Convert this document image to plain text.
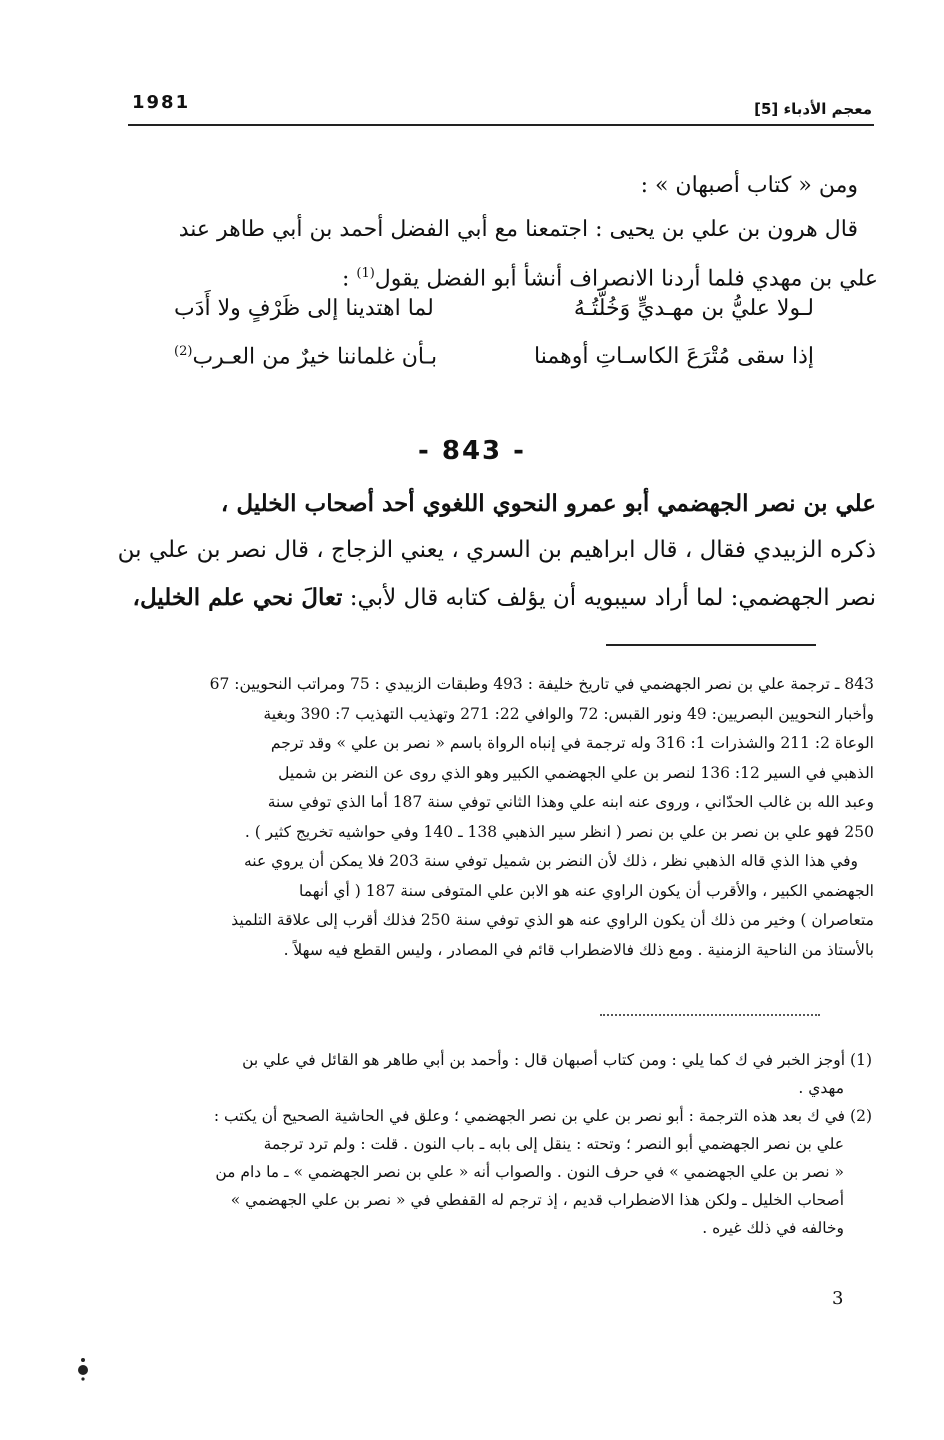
1981	معجم الأدباء [5]
ومن « كتاب أصبهان » :
قال هرون بن علي بن يحيى : اجتمعنا مع أبي الفضل أحمد بن أبي طاهر عند
علي بن مهدي فلما أردنا الانصراف أنشأ أبو الفضل يقول$^{(1)}$ :
لـولا عليُّ بن مهـديٍّ وَخُلَّتُـهُ
لما اهتدينا إلى ظَرْفٍ ولا أَدَب
إذا سقى مُتْرَعَ الكاسـاتِ أوهمنا
بـأن غلماننا خيرٌ من العـرب$^{(2)}$
- 843 -
علي بن نصر الجهضمي أبو عمرو النحوي اللغوي أحد أصحاب الخليل ،
ذكره الزبيدي فقال ، قال ابراهيم بن السري ، يعني الزجاج ، قال نصر بن علي بن
نصر الجهضمي: لما أراد سيبويه أن يؤلف كتابه قال لأبي: تعالَ نحي علم الخليل،
843 ـ ترجمة علي بن نصر الجهضمي في تاريخ خليفة : 493 وطبقات الزبيدي : 75 ومراتب النحويين: 67
وأخبار النحويين البصريين: 49 ونور القبس: 72 والوافي 22: 271 وتهذيب التهذيب 7: 390 وبغية
الوعاة 2: 211 والشذرات 1: 316 وله ترجمة في إنباه الرواة باسم « نصر بن علي » وقد ترجم
الذهبي في السير 12: 136 لنصر بن علي الجهضمي الكبير وهو الذي روى عن النضر بن شميل
وعبد الله بن غالب الحدّاني ، وروى عنه ابنه علي وهذا الثاني توفي سنة 187 أما الذي توفي سنة
250 فهو علي بن نصر بن علي بن نصر ( انظر سير الذهبي 138 ـ 140 وفي حواشيه تخريج كثير ) .
وفي هذا الذي قاله الذهبي نظر ، ذلك لأن النضر بن شميل توفي سنة 203 فلا يمكن أن يروي عنه
الجهضمي الكبير ، والأقرب أن يكون الراوي عنه هو الابن علي المتوفى سنة 187 ( أي أنهما
متعاصران ) وخير من ذلك أن يكون الراوي عنه هو الذي توفي سنة 250 فذلك أقرب إلى علاقة التلميذ
بالأستاذ من الناحية الزمنية . ومع ذلك فالاضطراب قائم في المصادر ، وليس القطع فيه سهلاً .
(1) أوجز الخبر في ك كما يلي : ومن كتاب أصبهان قال : وأحمد بن أبي طاهر هو القائل في علي بن
مهدي .
(2) في ك بعد هذه الترجمة : أبو نصر بن علي بن نصر الجهضمي ؛ وعلق في الحاشية الصحيح أن يكتب :
علي بن نصر الجهضمي أبو النصر ؛ وتحته : ينقل إلى بابه ـ باب النون . قلت : ولم ترد ترجمة
« نصر بن علي الجهضمي » في حرف النون . والصواب أنه « علي بن نصر الجهضمي » ـ ما دام من
أصحاب الخليل ـ ولكن هذا الاضطراب قديم ، إذ ترجم له القفطي في « نصر بن علي الجهضمي »
وخالفه في ذلك غيره .
3
